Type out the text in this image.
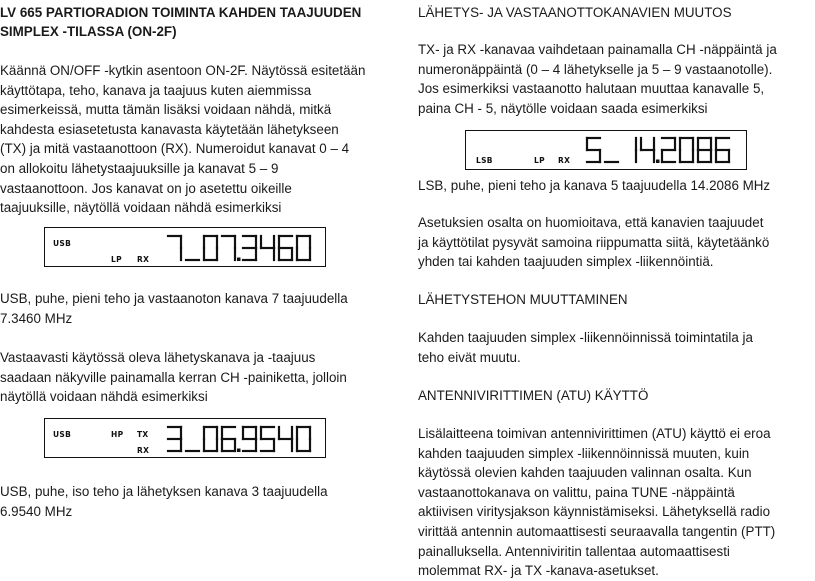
LV 665 PARTIORADION TOIMINTA KAHDEN TAAJUUDEN

SIMPLEX -TILASSA (ON-2F)

Käännä ON/OFF -kytkin asentoon ON-2F. Näytössä esitetään

käyttötapa, teho, kanava ja taajuus kuten aiemmissa

esimerkeissä, mutta tämän lisäksi voidaan nähdä, mitkä

kahdesta esiasetetusta kanavasta käytetään lähetykseen

(TX) ja mitä vastaanottoon (RX). Numeroidut kanavat 0 – 4

on allokoitu lähetystaajuuksille ja kanavat 5 – 9

vastaanottoon. Jos kanavat on jo asetettu oikeille

taajuuksille, näytöllä voidaan nähdä esimerkiksi

USB
LP RX

USB, puhe, pieni teho ja vastaanoton kanava 7 taajuudella

7.3460 MHz

Vastaavasti käytössä oleva lähetyskanava ja -taajuus

saadaan näkyville painamalla kerran CH -painiketta, jolloin

näytöllä voidaan nähdä esimerkiksi

USB	HP TX
RX

USB, puhe, iso teho ja lähetyksen kanava 3 taajuudella

6.9540 MHz

LÄHETYS- JA VASTAANOTTOKANAVIEN MUUTOS

TX- ja RX -kanavaa vaihdetaan painamalla CH -näppäintä ja

numeronäppäintä (0 – 4 lähetykselle ja 5 – 9 vastaanotolle).

Jos esimerkiksi vastaanotto halutaan muuttaa kanavalle 5,

paina CH - 5, näytölle voidaan saada esimerkiksi

LSB	LP RX

LSB, puhe, pieni teho ja kanava 5 taajuudella 14.2086 MHz

Asetuksien osalta on huomioitava, että kanavien taajuudet

ja käyttötilat pysyvät samoina riippumatta siitä, käytetäänkö

yhden tai kahden taajuuden simplex -liikennöintiä.

LÄHETYSTEHON MUUTTAMINEN

Kahden taajuuden simplex -liikennöinnissä toimintatila ja

teho eivät muutu.

ANTENNIVIRITTIMEN (ATU) KÄYTTÖ

Lisälaitteena toimivan antennivirittimen (ATU) käyttö ei eroa

kahden taajuuden simplex -liikennöinnissä muuten, kuin

käytössä olevien kahden taajuuden valinnan osalta. Kun

vastaanottokanava on valittu, paina TUNE -näppäintä

aktiivisen viritysjakson käynnistämiseksi. Lähetyksellä radio

virittää antennin automaattisesti seuraavalla tangentin (PTT)

painalluksella. Antenniviritin tallentaa automaattisesti

molemmat RX- ja TX -kanava-asetukset.
